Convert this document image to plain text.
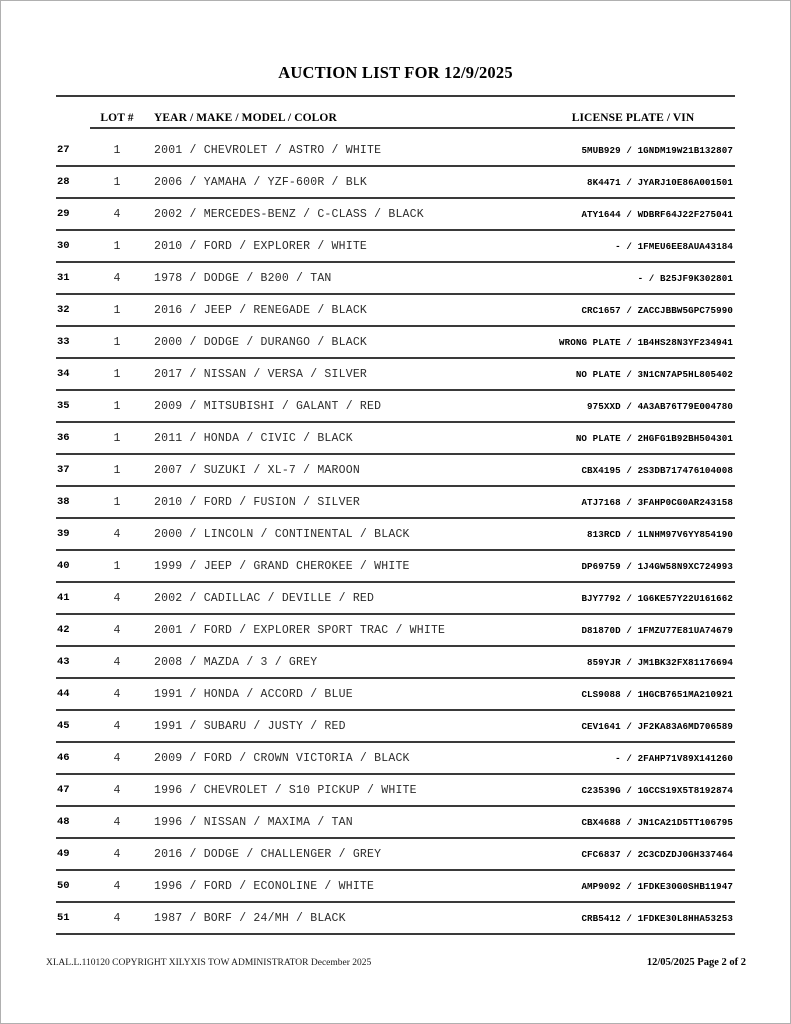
AUCTION LIST FOR 12/9/2025
	LOT #	YEAR / MAKE / MODEL / COLOR	LICENSE PLATE / VIN

27	1	2001 / CHEVROLET / ASTRO / WHITE	5MUB929 / 1GNDM19W21B132807
28	1	2006 / YAMAHA / YZF-600R / BLK	8K4471 / JYARJ10E86A001501
29	4	2002 / MERCEDES-BENZ / C-CLASS / BLACK	ATY1644 / WDBRF64J22F275041
30	1	2010 / FORD / EXPLORER / WHITE	- / 1FMEU6EE8AUA43184
31	4	1978 / DODGE / B200 / TAN	- / B25JF9K302801
32	1	2016 / JEEP / RENEGADE / BLACK	CRC1657 / ZACCJBBW5GPC75990
33	1	2000 / DODGE / DURANGO / BLACK	WRONG PLATE / 1B4HS28N3YF234941
34	1	2017 / NISSAN / VERSA / SILVER	NO PLATE / 3N1CN7AP5HL805402
35	1	2009 / MITSUBISHI / GALANT / RED	975XXD / 4A3AB76T79E004780
36	1	2011 / HONDA / CIVIC / BLACK	NO PLATE / 2HGFG1B92BH504301
37	1	2007 / SUZUKI / XL-7 / MAROON	CBX4195 / 2S3DB717476104008
38	1	2010 / FORD / FUSION / SILVER	ATJ7168 / 3FAHP0CG0AR243158
39	4	2000 / LINCOLN / CONTINENTAL / BLACK	813RCD / 1LNHM97V6YY854190
40	1	1999 / JEEP / GRAND CHEROKEE / WHITE	DP69759 / 1J4GW58N9XC724993
41	4	2002 / CADILLAC / DEVILLE / RED	BJY7792 / 1G6KE57Y22U161662
42	4	2001 / FORD / EXPLORER SPORT TRAC / WHITE	D81870D / 1FMZU77E81UA74679
43	4	2008 / MAZDA / 3 / GREY	859YJR / JM1BK32FX81176694
44	4	1991 / HONDA / ACCORD / BLUE	CLS9088 / 1HGCB7651MA210921
45	4	1991 / SUBARU / JUSTY / RED	CEV1641 / JF2KA83A6MD706589
46	4	2009 / FORD / CROWN VICTORIA / BLACK	- / 2FAHP71V89X141260
47	4	1996 / CHEVROLET / S10 PICKUP / WHITE	C23539G / 1GCCS19X5T8192874
48	4	1996 / NISSAN / MAXIMA / TAN	CBX4688 / JN1CA21D5TT106795
49	4	2016 / DODGE / CHALLENGER / GREY	CFC6837 / 2C3CDZDJ0GH337464
50	4	1996 / FORD / ECONOLINE / WHITE	AMP9092 / 1FDKE30G0SHB11947
51	4	1987 / BORF / 24/MH / BLACK	CRB5412 / 1FDKE30L8HHA53253
XI.AL.L.110120 COPYRIGHT XILYXIS TOW ADMINISTRATOR December 2025	12/05/2025 Page 2 of 2
